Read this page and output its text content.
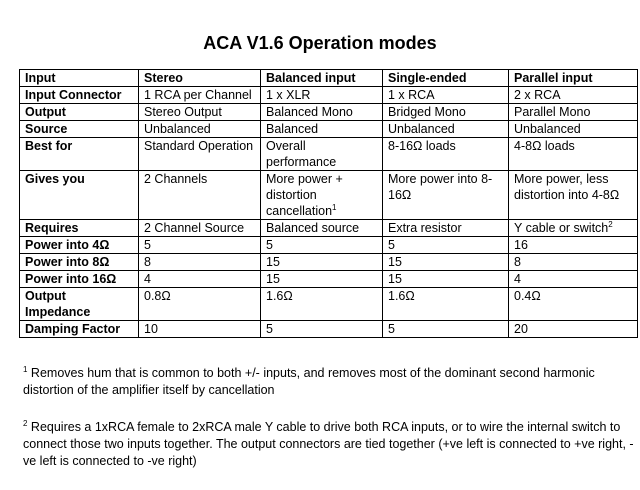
ACA V1.6 Operation modes
Input	Stereo	Balanced input	Single-ended	Parallel input
Input Connector	1 RCA per Channel	1 x XLR	1 x RCA	2 x RCA
Output	Stereo Output	Balanced Mono	Bridged Mono	Parallel Mono
Source	Unbalanced	Balanced	Unbalanced	Unbalanced
Best for	Standard Operation	Overall performance	8-16Ω loads	4-8Ω loads
Gives you	2 Channels	More power + distortion cancellation$^1$	More power into 8-16Ω	More power, less distortion into 4-8Ω
Requires	2 Channel Source	Balanced source	Extra resistor	Y cable or switch$^2$
Power into 4Ω	5	5	5	16
Power into 8Ω	8	15	15	8
Power into 16Ω	4	15	15	4
Output Impedance	0.8Ω	1.6Ω	1.6Ω	0.4Ω
Damping Factor	10	5	5	20
$^1$ Removes hum that is common to both +/- inputs, and removes most of the dominant second harmonic distortion of the amplifier itself by cancellation
$^2$ Requires a 1xRCA female to 2xRCA male Y cable to drive both RCA inputs, or to wire the internal switch to connect those two inputs together. The output connectors are tied together (+ve left is connected to +ve right, -ve left is connected to -ve right)
